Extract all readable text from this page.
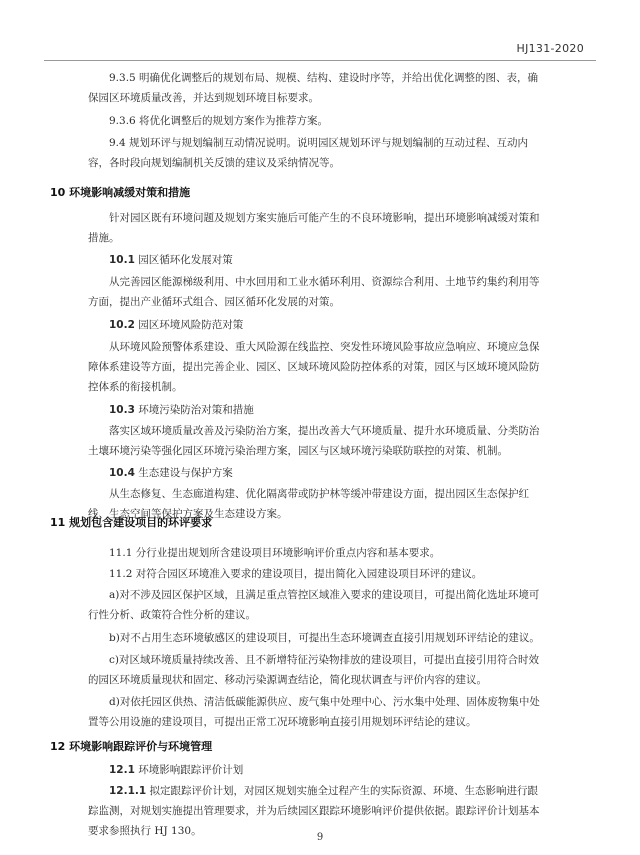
HJ131-2020
9.3.5 明确优化调整后的规划布局、规模、结构、建设时序等，并给出优化调整的图、表，确保园区环境质量改善，并达到规划环境目标要求。
9.3.6 将优化调整后的规划方案作为推荐方案。
9.4 规划环评与规划编制互动情况说明。说明园区规划环评与规划编制的互动过程、互动内容，各时段向规划编制机关反馈的建议及采纳情况等。
10 环境影响减缓对策和措施
针对园区既有环境问题及规划方案实施后可能产生的不良环境影响，提出环境影响减缓对策和措施。
10.1 园区循环化发展对策
从完善园区能源梯级利用、中水回用和工业水循环利用、资源综合利用、土地节约集约利用等方面，提出产业循环式组合、园区循环化发展的对策。
10.2 园区环境风险防范对策
从环境风险预警体系建设、重大风险源在线监控、突发性环境风险事故应急响应、环境应急保障体系建设等方面，提出完善企业、园区、区域环境风险防控体系的对策，园区与区域环境风险防控体系的衔接机制。
10.3 环境污染防治对策和措施
落实区域环境质量改善及污染防治方案，提出改善大气环境质量、提升水环境质量、分类防治土壤环境污染等强化园区环境污染治理方案，园区与区域环境污染联防联控的对策、机制。
10.4 生态建设与保护方案
从生态修复、生态廊道构建、优化隔离带或防护林等缓冲带建设方面，提出园区生态保护红线、生态空间等保护方案及生态建设方案。
11 规划包含建设项目的环评要求
11.1 分行业提出规划所含建设项目环境影响评价重点内容和基本要求。
11.2 对符合园区环境准入要求的建设项目，提出简化入园建设项目环评的建议。
a)对不涉及园区保护区域，且满足重点管控区域准入要求的建设项目，可提出简化选址环境可行性分析、政策符合性分析的建议。
b)对不占用生态环境敏感区的建设项目，可提出生态环境调查直接引用规划环评结论的建议。
c)对区域环境质量持续改善、且不新增特征污染物排放的建设项目，可提出直接引用符合时效的园区环境质量现状和固定、移动污染源调查结论，简化现状调查与评价内容的建议。
d)对依托园区供热、清洁低碳能源供应、废气集中处理中心、污水集中处理、固体废物集中处置等公用设施的建设项目，可提出正常工况环境影响直接引用规划环评结论的建议。
12 环境影响跟踪评价与环境管理
12.1 环境影响跟踪评价计划
12.1.1 拟定跟踪评价计划，对园区规划实施全过程产生的实际资源、环境、生态影响进行跟踪监测，对规划实施提出管理要求，并为后续园区跟踪环境影响评价提供依据。跟踪评价计划基本要求参照执行 HJ 130。
9
